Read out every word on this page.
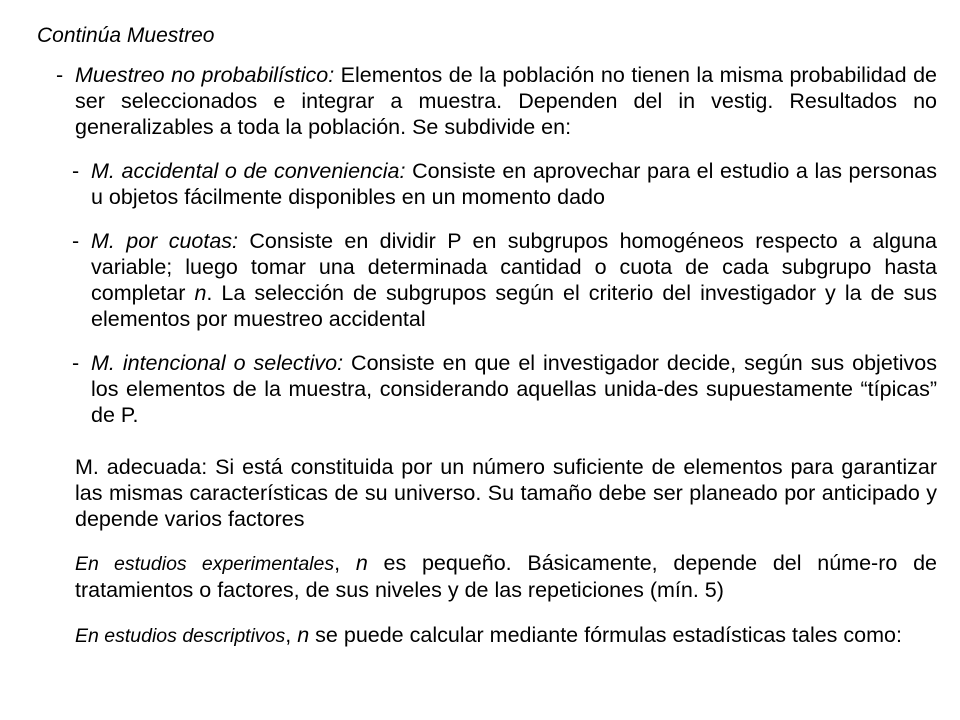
Continúa Muestreo
- Muestreo no probabilístico: Elementos de la población no tienen la misma probabilidad de ser seleccionados e integrar a muestra. Dependen del in vestig. Resultados no generalizables a toda la población. Se subdivide en:
- M. accidental o de conveniencia: Consiste en aprovechar para el estudio a las personas u objetos fácilmente disponibles en un momento dado
- M. por cuotas: Consiste en dividir P en subgrupos homogéneos respecto a alguna variable; luego tomar una determinada cantidad o cuota de cada subgrupo hasta completar n. La selección de subgrupos según el criterio del investigador y la de sus elementos por muestreo accidental
- M. intencional o selectivo: Consiste en que el investigador decide, según sus objetivos los elementos de la muestra, considerando aquellas unida-des supuestamente “típicas” de P.
M. adecuada: Si está constituida por un número suficiente de elementos para garantizar las mismas características de su universo. Su tamaño debe ser planeado por anticipado y depende varios factores
En estudios experimentales, n es pequeño. Básicamente, depende del núme-ro de tratamientos o factores, de sus niveles y de las repeticiones (mín. 5)
En estudios descriptivos, n se puede calcular mediante fórmulas estadísticas tales como:
